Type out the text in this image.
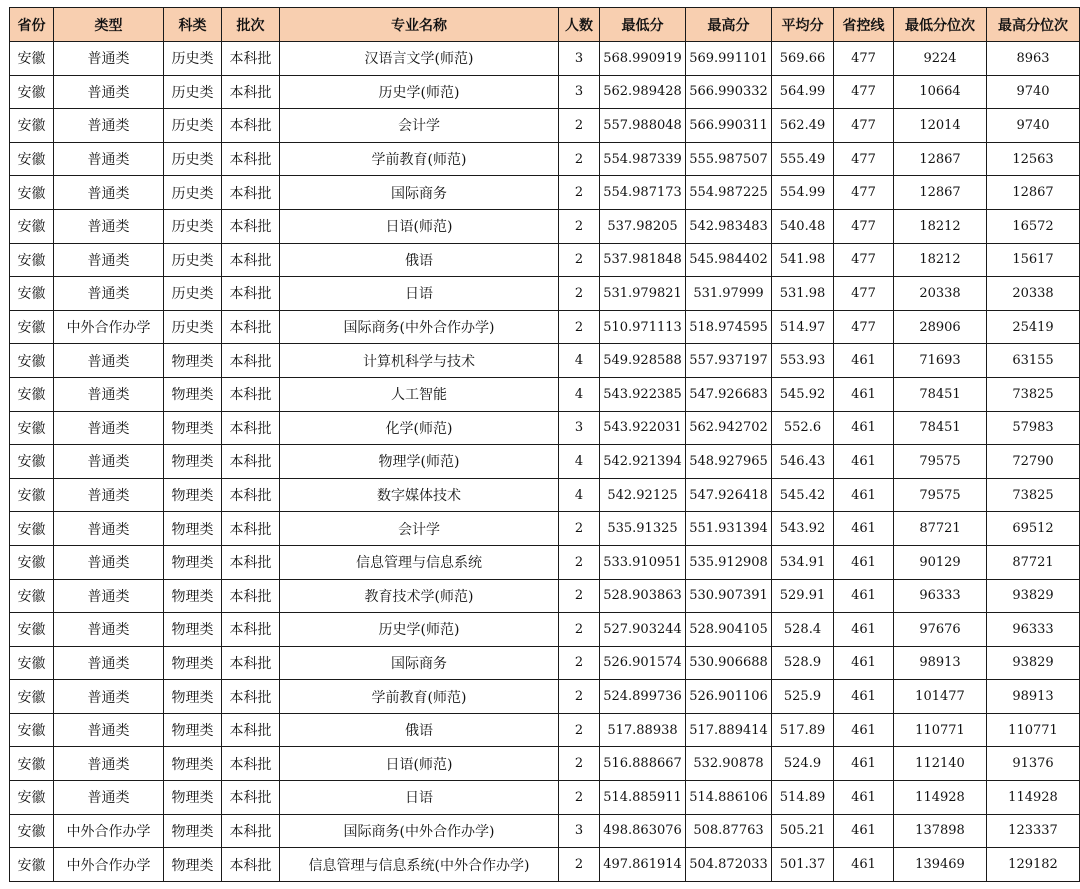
省份	类型	科类	批次	专业名称	人数	最低分	最高分	平均分	省控线	最低分位次	最高分位次
安徽	普通类	历史类	本科批	汉语言文学(师范)	3	568.990919	569.991101	569.66	477	9224	8963
安徽	普通类	历史类	本科批	历史学(师范)	3	562.989428	566.990332	564.99	477	10664	9740
安徽	普通类	历史类	本科批	会计学	2	557.988048	566.990311	562.49	477	12014	9740
安徽	普通类	历史类	本科批	学前教育(师范)	2	554.987339	555.987507	555.49	477	12867	12563
安徽	普通类	历史类	本科批	国际商务	2	554.987173	554.987225	554.99	477	12867	12867
安徽	普通类	历史类	本科批	日语(师范)	2	537.98205	542.983483	540.48	477	18212	16572
安徽	普通类	历史类	本科批	俄语	2	537.981848	545.984402	541.98	477	18212	15617
安徽	普通类	历史类	本科批	日语	2	531.979821	531.97999	531.98	477	20338	20338
安徽	中外合作办学	历史类	本科批	国际商务(中外合作办学)	2	510.971113	518.974595	514.97	477	28906	25419
安徽	普通类	物理类	本科批	计算机科学与技术	4	549.928588	557.937197	553.93	461	71693	63155
安徽	普通类	物理类	本科批	人工智能	4	543.922385	547.926683	545.92	461	78451	73825
安徽	普通类	物理类	本科批	化学(师范)	3	543.922031	562.942702	552.6	461	78451	57983
安徽	普通类	物理类	本科批	物理学(师范)	4	542.921394	548.927965	546.43	461	79575	72790
安徽	普通类	物理类	本科批	数字媒体技术	4	542.92125	547.926418	545.42	461	79575	73825
安徽	普通类	物理类	本科批	会计学	2	535.91325	551.931394	543.92	461	87721	69512
安徽	普通类	物理类	本科批	信息管理与信息系统	2	533.910951	535.912908	534.91	461	90129	87721
安徽	普通类	物理类	本科批	教育技术学(师范)	2	528.903863	530.907391	529.91	461	96333	93829
安徽	普通类	物理类	本科批	历史学(师范)	2	527.903244	528.904105	528.4	461	97676	96333
安徽	普通类	物理类	本科批	国际商务	2	526.901574	530.906688	528.9	461	98913	93829
安徽	普通类	物理类	本科批	学前教育(师范)	2	524.899736	526.901106	525.9	461	101477	98913
安徽	普通类	物理类	本科批	俄语	2	517.88938	517.889414	517.89	461	110771	110771
安徽	普通类	物理类	本科批	日语(师范)	2	516.888667	532.90878	524.9	461	112140	91376
安徽	普通类	物理类	本科批	日语	2	514.885911	514.886106	514.89	461	114928	114928
安徽	中外合作办学	物理类	本科批	国际商务(中外合作办学)	3	498.863076	508.87763	505.21	461	137898	123337
安徽	中外合作办学	物理类	本科批	信息管理与信息系统(中外合作办学)	2	497.861914	504.872033	501.37	461	139469	129182
